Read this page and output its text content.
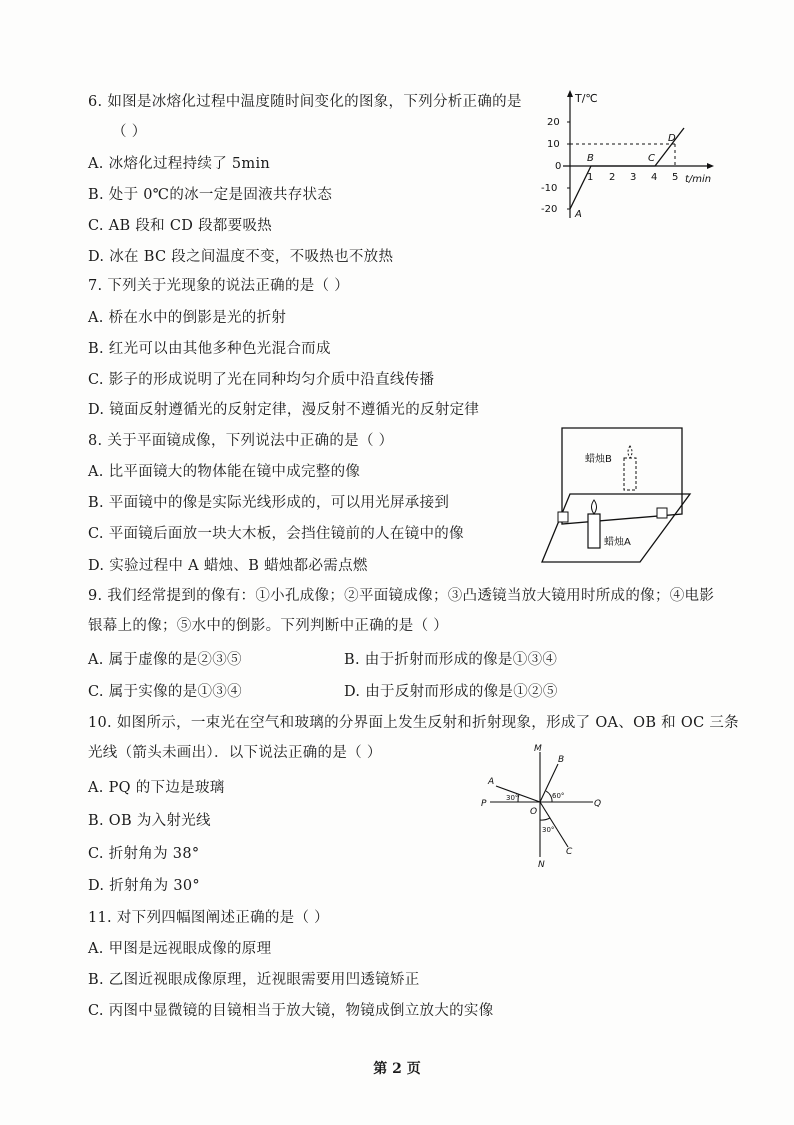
6. 如图是冰熔化过程中温度随时间变化的图象，下列分析正确的是
（ ）
A. 冰熔化过程持续了 5min
B. 处于 0℃的冰一定是固液共存状态
C. AB 段和 CD 段都要吸热
D. 冰在 BC 段之间温度不变，不吸热也不放热
T/℃
t/min
20
10
0
-10
-20
1 2 3 4 5
A
B	C
D
7. 下列关于光现象的说法正确的是（ ）
A. 桥在水中的倒影是光的折射
B. 红光可以由其他多种色光混合而成
C. 影子的形成说明了光在同种均匀介质中沿直线传播
D. 镜面反射遵循光的反射定律，漫反射不遵循光的反射定律
8. 关于平面镜成像，下列说法中正确的是（ ）
A. 比平面镜大的物体能在镜中成完整的像
B. 平面镜中的像是实际光线形成的，可以用光屏承接到
C. 平面镜后面放一块大木板，会挡住镜前的人在镜中的像
D. 实验过程中 A 蜡烛、B 蜡烛都必需点燃
蜡烛B
蜡烛A
9. 我们经常提到的像有：①小孔成像；②平面镜成像；③凸透镜当放大镜用时所成的像；④电影
银幕上的像；⑤水中的倒影。下列判断中正确的是（ ）
A. 属于虚像的是②③⑤	B. 由于折射而形成的像是①③④
C. 属于实像的是①③④	D. 由于反射而形成的像是①②⑤
10. 如图所示，一束光在空气和玻璃的分界面上发生反射和折射现象，形成了 OA、OB 和 OC 三条
光线（箭头未画出）．以下说法正确的是（ ）
A. PQ 的下边是玻璃
B. OB 为入射光线
C. 折射角为 38°
D. 折射角为 30°
M
N
P	Q
A
B
C
O
30°	60°
30°
11. 对下列四幅图阐述正确的是（ ）
A. 甲图是远视眼成像的原理
B. 乙图近视眼成像原理，近视眼需要用凹透镜矫正
C. 丙图中显微镜的目镜相当于放大镜，物镜成倒立放大的实像
第 2 页
